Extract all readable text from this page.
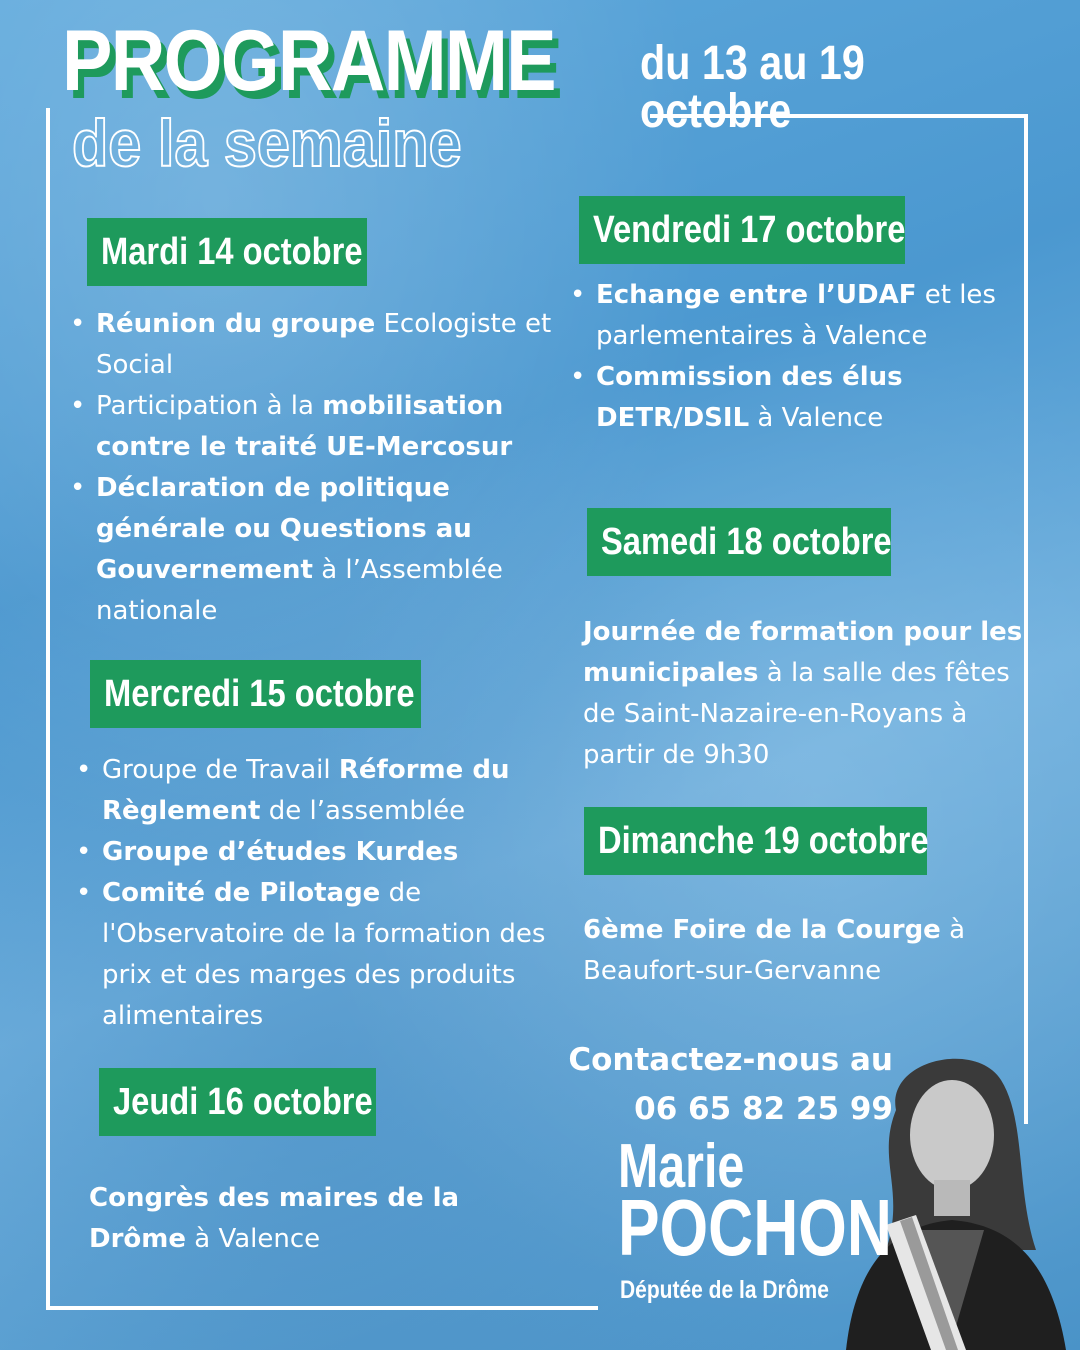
PROGRAMME
de la semaine

du 13 au 19 octobre

Mardi 14 octobre
• Réunion du groupe Ecologiste et Social
• Participation à la mobilisation contre le traité UE-Mercosur
• Déclaration de politique générale ou Questions au Gouvernement à l’Assemblée nationale
Mercredi 15 octobre
• Groupe de Travail Réforme du Règlement de l’assemblée
• Groupe d’études Kurdes
• Comité de Pilotage de l'Observatoire de la formation des prix et des marges des produits alimentaires
Jeudi 16 octobre

Congrès des maires de la Drôme à Valence

Vendredi 17 octobre
• Echange entre l’UDAF et les parlementaires à Valence
• Commission des élus DETR/DSIL à Valence
Samedi 18 octobre

Journée de formation pour les municipales à la salle des fêtes de Saint-Nazaire-en-Royans à partir de 9h30

Dimanche 19 octobre

6ème Foire de la Courge à Beaufort-sur-Gervanne

Contactez-nous au
06 65 82 25 99

Marie

POCHON

Députée de la Drôme
